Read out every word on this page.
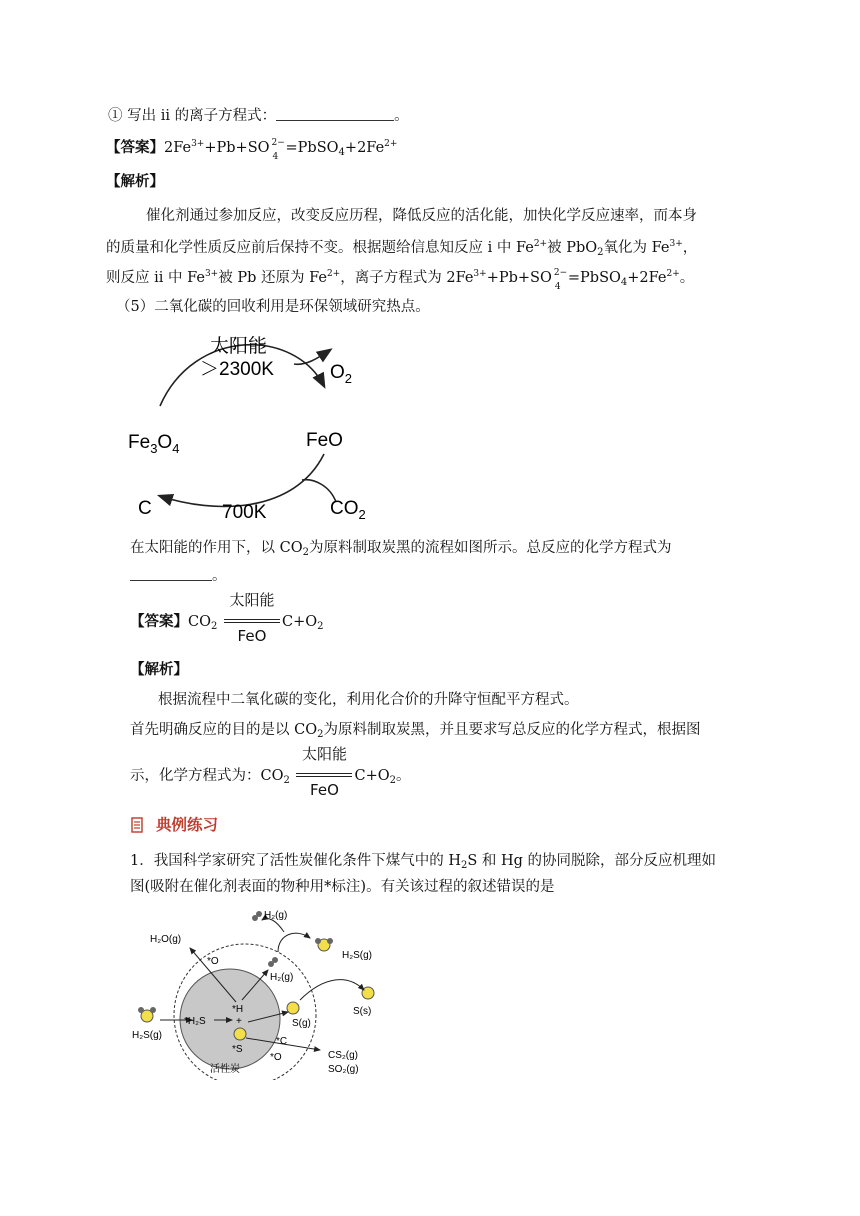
① 写出 ii 的离子方程式：	。
【答案】$2Fe^{3+}+Pb+SO$ 2−
4
$=PbSO_4+2Fe^{2+}$
【解析】
催化剂通过参加反应，改变反应历程，降低反应的活化能，加快化学反应速率，而本身
的质量和化学性质反应前后保持不变。根据题给信息知反应 i 中 $Fe^{2+}$被 PbO$_2$氧化为 $Fe^{3+}$，
则反应 ii 中 $Fe^{3+}$被 Pb 还原为 $Fe^{2+}$，离子方程式为 $2Fe^{3+}+Pb+SO$ 2−
4
$=PbSO_4+2Fe^{2+}$。
（5）二氧化碳的回收利用是环保领域研究热点。
太阳能
＞2300K	$O_2$
$Fe_3O_4$	FeO
C	700K	$CO_2$
在太阳能的作用下，以 $CO_2$为原料制取炭黑的流程如图所示。总反应的化学方程式为
。
【答案】$CO_2$
太阳能
FeO
$C+O_2$
【解析】
根据流程中二氧化碳的变化，利用化合价的升降守恒配平方程式。
首先明确反应的目的是以 $CO_2$为原料制取炭黑，并且要求写总反应的化学方程式，根据图
示，化学方程式为：$CO_2$
太阳能
FeO
$C+O_2$。
典例练习
1．我国科学家研究了活性炭催化条件下煤气中的 $H_2S$ 和 Hg 的协同脱除，部分反应机理如
图(吸附在催化剂表面的物种用*标注)。有关该过程的叙述错误的是
H₂(g)
H₂O(g)
H₂S(g)
*O
H₂(g)
*H
+
*H₂S	S(g)
S(s)
H₂S(g)
*S
*C
*O	CS₂(g)
SO₂(g)
活性炭
